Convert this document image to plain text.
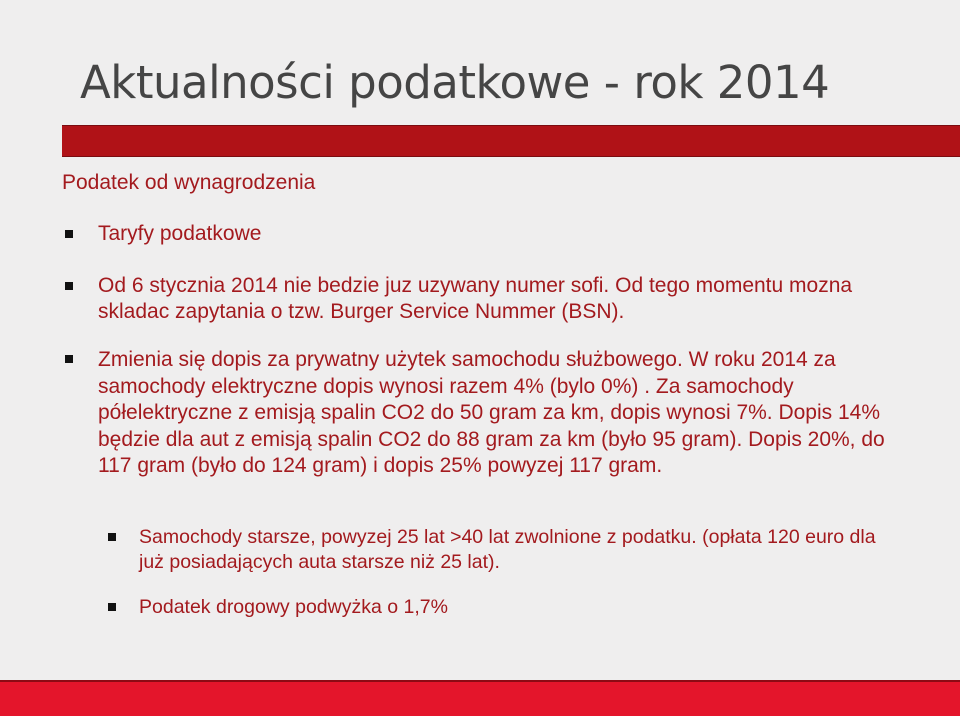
Aktualności podatkowe - rok 2014
Podatek od wynagrodzenia
Taryfy podatkowe
Od 6 stycznia 2014 nie bedzie juz uzywany numer sofi. Od tego momentu mozna skladac zapytania o tzw. Burger Service Nummer (BSN).
Zmienia się dopis za prywatny użytek samochodu służbowego. W roku 2014 za samochody elektryczne dopis wynosi razem 4% (bylo 0%) . Za samochody półelektryczne z emisją spalin CO2 do 50 gram za km, dopis wynosi 7%. Dopis 14% będzie dla aut z emisją spalin CO2 do 88 gram za km (było 95 gram). Dopis 20%, do 117 gram (było do 124 gram) i dopis 25% powyzej 117 gram.
Samochody starsze, powyzej 25 lat >40 lat zwolnione z podatku. (opłata 120 euro dla już posiadających auta starsze niż 25 lat).
Podatek drogowy podwyżka o 1,7%
